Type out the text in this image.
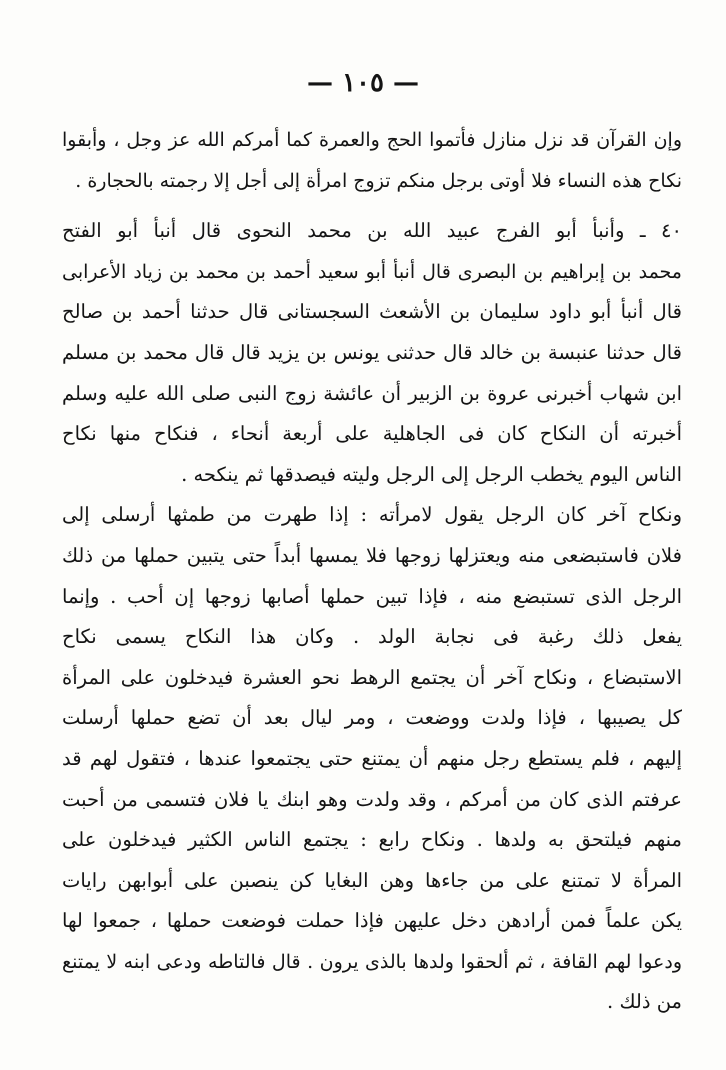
— ١٠٥ —
وإن القرآن قد نزل منازل فأتموا الحج والعمرة كما أمركم الله عز وجل ، وأبقوا
نكاح هذه النساء فلا أوتى برجل منكم تزوج امرأة إلى أجل إلا رجمته بالحجارة .
٤٠ ـ وأنبأ أبو الفرج عبيد الله بن محمد النحوى قال أنبأ أبو الفتح
محمد بن إبراهيم بن البصرى قال أنبأ أبو سعيد أحمد بن محمد بن زياد الأعرابى
قال أنبأ أبو داود سليمان بن الأشعث السجستانى قال حدثنا أحمد بن صالح
قال حدثنا عنبسة بن خالد قال حدثنى يونس بن يزيد قال قال محمد بن مسلم
ابن شهاب أخبرنى عروة بن الزبير أن عائشة زوج النبى صلى الله عليه وسلم
أخبرته أن النكاح كان فى الجاهلية على أربعة أنحاء ، فنكاح منها نكاح
الناس اليوم يخطب الرجل إلى الرجل وليته فيصدقها ثم ينكحه .
ونكاح آخر كان الرجل يقول لامرأته : إذا طهرت من طمثها أرسلى إلى
فلان فاستبضعى منه ويعتزلها زوجها فلا يمسها أبداً حتى يتبين حملها من ذلك
الرجل الذى تستبضع منه ، فإذا تبين حملها أصابها زوجها إن أحب . وإنما
يفعل ذلك رغبة فى نجابة الولد . وكان هذا النكاح يسمى نكاح
الاستبضاع ، ونكاح آخر أن يجتمع الرهط نحو العشرة فيدخلون على المرأة
كل يصيبها ، فإذا ولدت ووضعت ، ومر ليال بعد أن تضع حملها أرسلت
إليهم ، فلم يستطع رجل منهم أن يمتنع حتى يجتمعوا عندها ، فتقول لهم قد
عرفتم الذى كان من أمركم ، وقد ولدت وهو ابنك يا فلان فتسمى من أحبت
منهم فيلتحق به ولدها . ونكاح رابع : يجتمع الناس الكثير فيدخلون على
المرأة لا تمتنع على من جاءها وهن البغايا كن ينصبن على أبوابهن رايات
يكن علماً فمن أرادهن دخل عليهن فإذا حملت فوضعت حملها ، جمعوا لها
ودعوا لهم القافة ، ثم ألحقوا ولدها بالذى يرون . قال فالتاطه ودعى ابنه لا يمتنع
من ذلك .
